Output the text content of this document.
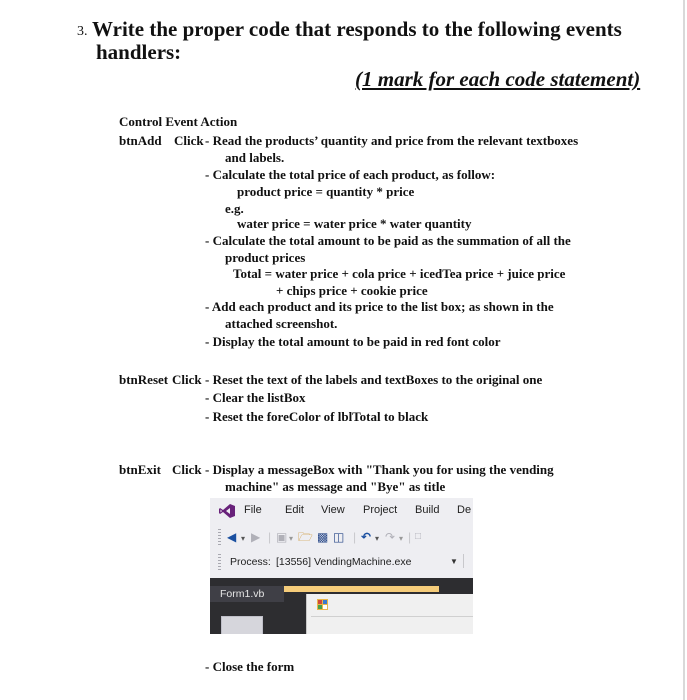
3. Write the proper code that responds to the following events
handlers:
(1 mark for each code statement)
Control Event Action
btnAdd Click - Read the products’ quantity and price from the relevant textboxes
and labels.
- Calculate the total price of each product, as follow:
product price = quantity * price
e.g.
water price = water price * water quantity
- Calculate the total amount to be paid as the summation of all the
product prices
Total = water price + cola price + icedTea price + juice price
+ chips price + cookie price
- Add each product and its price to the list box; as shown in the
attached screenshot.
- Display the total amount to be paid in red font color
btnReset Click - Reset the text of the labels and textBoxes to the original one
- Clear the listBox
- Reset the foreColor of lblTotal to black
btnExit Click - Display a messageBox with "Thank you for using the vending
machine" as message and "Bye" as title
File Edit View Project Build De
◀ ▾ ▶ | ▣ ▾ 🗁 ▩ ◫ | ↶ ▾ ↷ ▾ | □
Process: [13556] VendingMachine.exe	▼
Form1.vb
- Close the form
